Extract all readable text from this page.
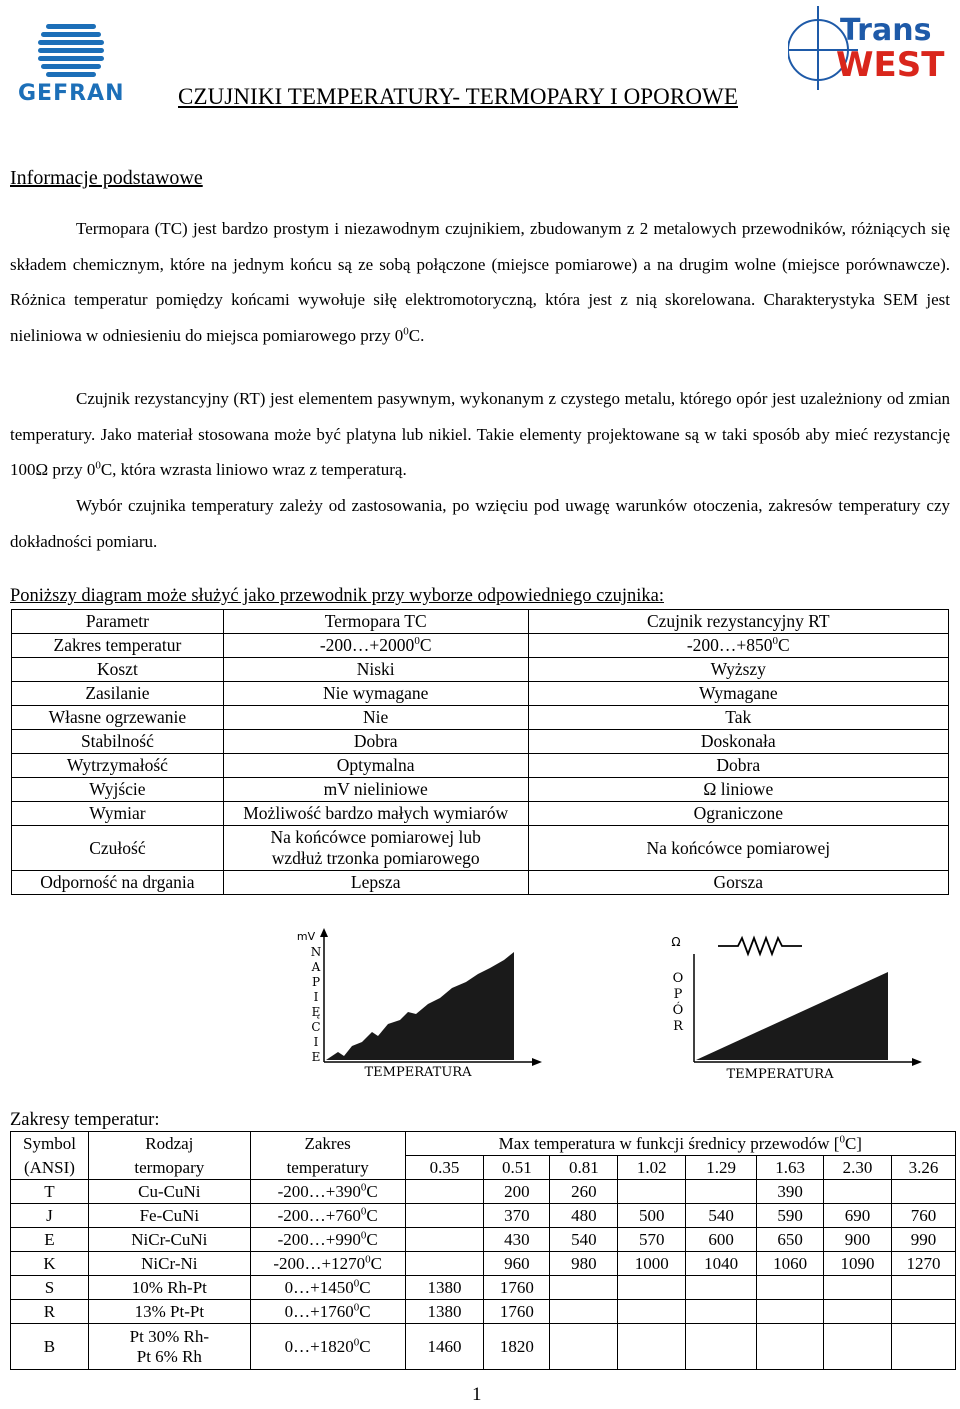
GEFRAN
Trans
WEST
CZUJNIKI TEMPERATURY- TERMOPARY I OPOROWE
Informacje podstawowe
Termopara (TC) jest bardzo prostym i niezawodnym czujnikiem, zbudowanym z 2 metalowych przewodników, różniących się składem chemicznym, które na jednym końcu są ze sobą połączone (miejsce pomiarowe) a na drugim wolne (miejsce porównawcze). Różnica temperatur pomiędzy końcami wywołuje siłę elektromotoryczną, która jest z nią skorelowana. Charakterystyka SEM jest nieliniowa w odniesieniu do miejsca pomiarowego przy $0^0C$.
Czujnik rezystancyjny (RT) jest elementem pasywnym, wykonanym z czystego metalu, którego opór jest uzależniony od zmian temperatury. Jako materiał stosowana może być platyna lub nikiel. Takie elementy projektowane są w taki sposób aby mieć rezystancję 100Ω przy $0^0C$, która wzrasta liniowo wraz z temperaturą.
Wybór czujnika temperatury zależy od zastosowania, po wzięciu pod uwagę warunków otoczenia, zakresów temperatury czy dokładności pomiaru.
Poniższy diagram może służyć jako przewodnik przy wyborze odpowiedniego czujnika:
Parametr	Termopara TC	Czujnik rezystancyjny RT
Zakres temperatur	$-200\dots+2000^0C$	$-200\dots+850^0C$
Koszt	Niski	Wyższy
Zasilanie	Nie wymagane	Wymagane
Własne ogrzewanie	Nie	Tak
Stabilność	Dobra	Doskonała
Wytrzymałość	Optymalna	Dobra
Wyjście	mV nieliniowe	Ω liniowe
Wymiar	Możliwość bardzo małych wymiarów	Ograniczone
Czułość	Na końcówce pomiarowej lub wzdłuż trzonka pomiarowego	Na końcówce pomiarowej
Odporność na drgania	Lepsza	Gorsza
mV
N
A
P
I
Ę
C
I
E
TEMPERATURA
Ω
O
P
Ó
R
TEMPERATURA
Zakresy temperatur:
Symbol	Rodzaj	Zakres	Max temperatura w funkcji średnicy przewodów [$^0$C]							
(ANSI)	termopary	temperatury	0.35	0.51	0.81	1.02	1.29	1.63	2.30	3.26
T	Cu-CuNi	$-200\dots+390^0C$		200	260			390		
J	Fe-CuNi	$-200\dots+760^0C$		370	480	500	540	590	690	760
E	NiCr-CuNi	$-200\dots+990^0C$		430	540	570	600	650	900	990
K	NiCr-Ni	$-200\dots+1270^0C$		960	980	1000	1040	1060	1090	1270
S	10% Rh-Pt	$0\dots+1450^0C$	1380	1760						
R	13% Pt-Pt	$0\dots+1760^0C$	1380	1760						
B	Pt 30% Rh-
Pt 6% Rh	$0\dots+1820^0C$	1460	1820						
1
